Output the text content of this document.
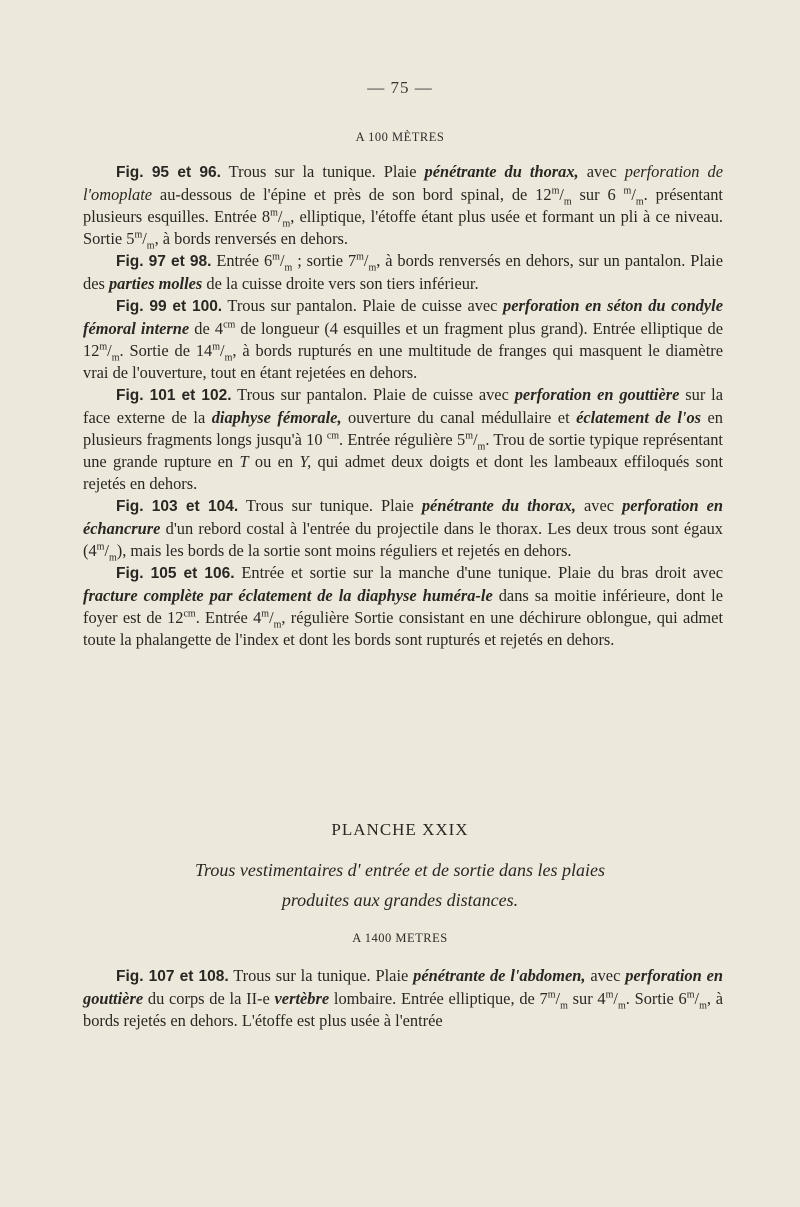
— 75 —
A 100 MÈTRES

Fig. 95 et 96. Trous sur la tunique. Plaie pénétrante du thorax, avec perforation de l'omoplate au-dessous de l'épine et près de son bord spinal, de $12^m/_m$ sur 6 $^m/_m$. présentant plusieurs esquilles. Entrée $8^m/_m$, elliptique, l'étoffe étant plus usée et formant un pli à ce niveau. Sortie $5^m/_m$, à bords renversés en dehors.

Fig. 97 et 98. Entrée $6^m/_m$ ; sortie $7^m/_m$, à bords renversés en dehors, sur un pantalon. Plaie des parties molles de la cuisse droite vers son tiers inférieur.

Fig. 99 et 100. Trous sur pantalon. Plaie de cuisse avec perforation en séton du condyle fémoral interne de $4^{cm}$ de longueur (4 esquilles et un fragment plus grand). Entrée elliptique de $12^m/_m$. Sortie de $14^m/_m$, à bords rupturés en une multitude de franges qui masquent le diamètre vrai de l'ouverture, tout en étant rejetées en dehors.

Fig. 101 et 102. Trous sur pantalon. Plaie de cuisse avec perforation en gouttière sur la face externe de la diaphyse fémorale, ouverture du canal médullaire et éclatement de l'os en plusieurs fragments longs jusqu'à 10 $^{cm}$. Entrée régulière $5^m/_m$. Trou de sortie typique représentant une grande rupture en T ou en Y, qui admet deux doigts et dont les lambeaux effiloqués sont rejetés en dehors.

Fig. 103 et 104. Trous sur tunique. Plaie pénétrante du thorax, avec perforation en échancrure d'un rebord costal à l'entrée du projectile dans le thorax. Les deux trous sont égaux $(4^m/_m)$, mais les bords de la sortie sont moins réguliers et rejetés en dehors.

Fig. 105 et 106. Entrée et sortie sur la manche d'une tunique. Plaie du bras droit avec fracture complète par éclatement de la diaphyse huméra-le dans sa moitie inférieure, dont le foyer est de $12^{cm}$. Entrée $4^m/_m$, régulière Sortie consistant en une déchirure oblongue, qui admet toute la phalangette de l'index et dont les bords sont rupturés et rejetés en dehors.

PLANCHE XXIX
Trous vestimentaires d' entrée et de sortie dans les plaies
produites aux grandes distances.
A 1400 METRES

Fig. 107 et 108. Trous sur la tunique. Plaie pénétrante de l'abdomen, avec perforation en gouttière du corps de la II-e vertèbre lombaire. Entrée elliptique, de $7^m/_m$ sur $4^m/_m$. Sortie $6^m/_m$, à bords rejetés en dehors. L'étoffe est plus usée à l'entrée
